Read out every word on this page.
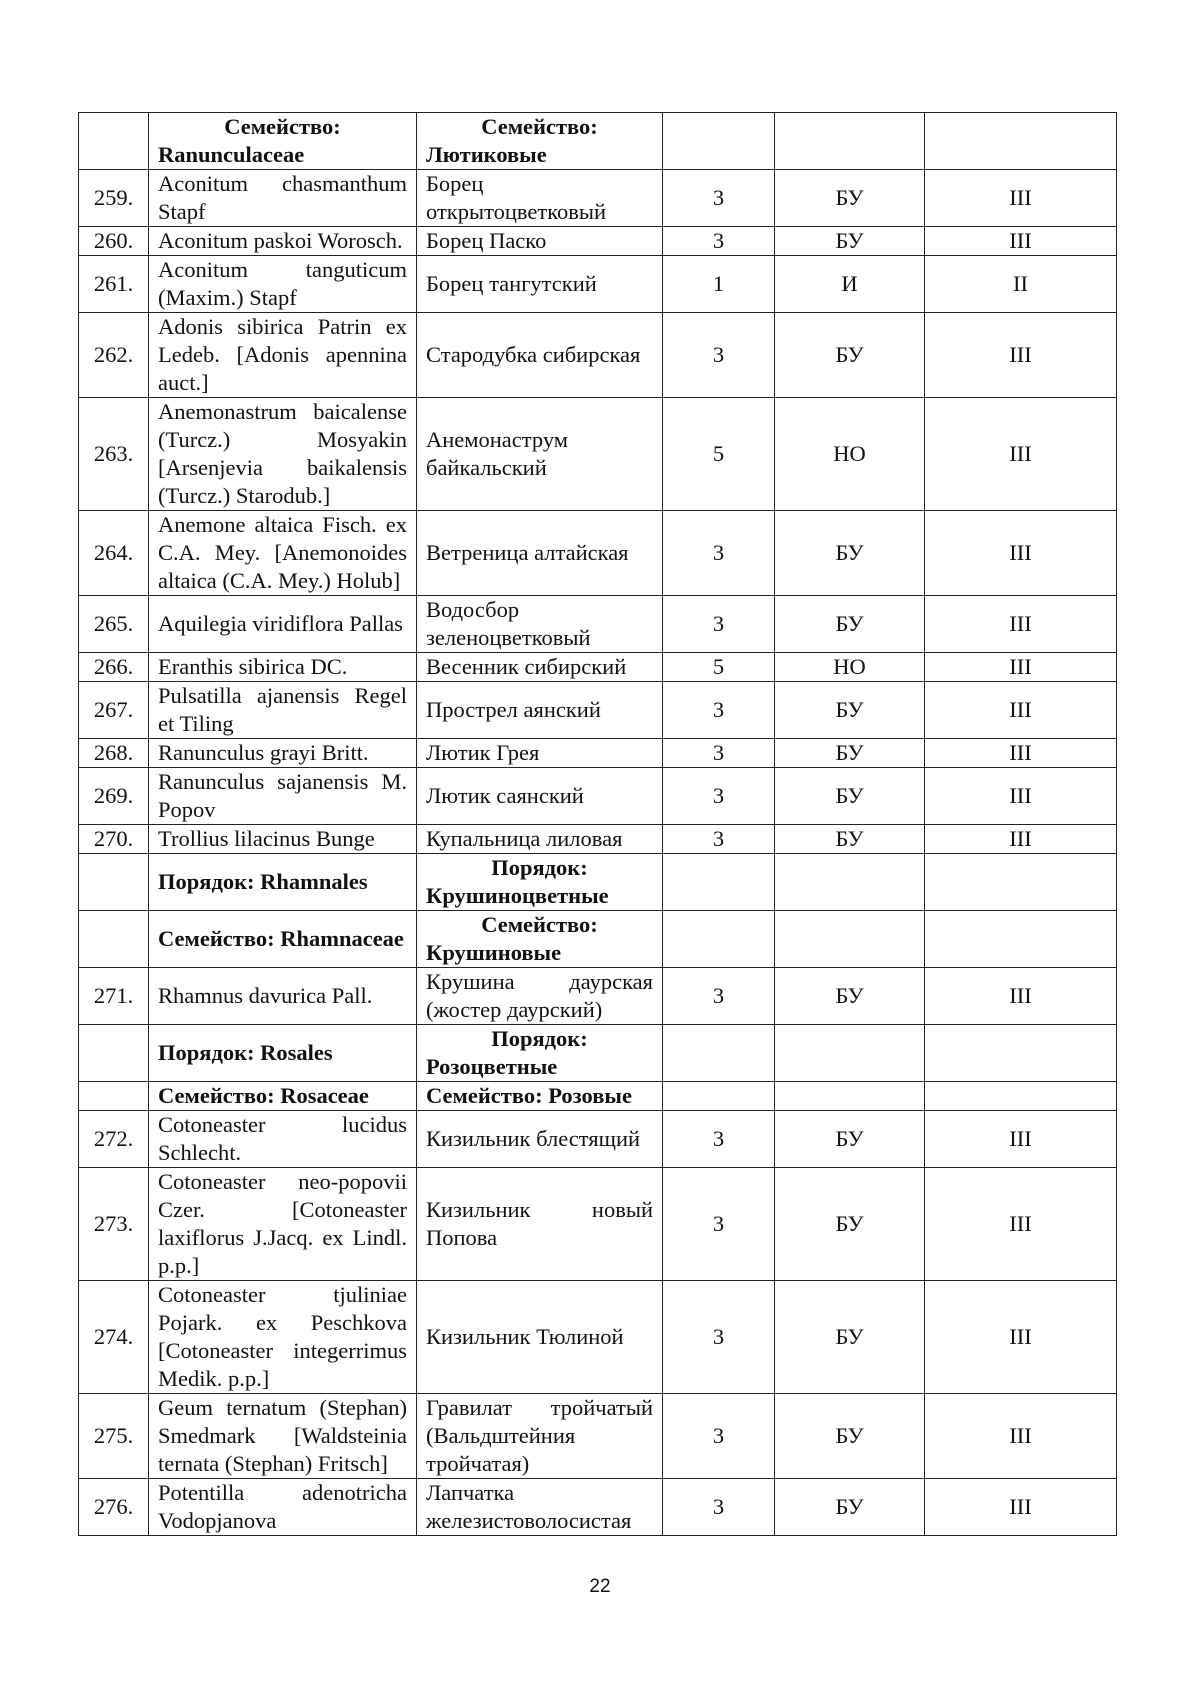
	Семейство: Ranunculaceae	Семейство: Лютиковые			
259.	Aconitum chasmanthum Stapf	Борец открытоцветковый	3	БУ	III
260.	Aconitum paskoi Worosch.	Борец Паско	3	БУ	III
261.	Aconitum tanguticum (Maxim.) Stapf	Борец тангутский	1	И	II
262.	Adonis sibirica Patrin ex Ledeb. [Adonis apennina auct.]	Стародубка сибирская	3	БУ	III
263.	Anemonastrum baicalense (Turcz.) Mosyakin [Arsenjevia baikalensis (Turcz.) Starodub.]	Анемонаструм байкальский	5	НО	III
264.	Anemone altaica Fisch. ex C.A. Mey. [Anemonoides altaica (C.A. Mey.) Holub]	Ветреница алтайская	3	БУ	III
265.	Aquilegia viridiflora Pallas	Водосбор зеленоцветковый	3	БУ	III
266.	Eranthis sibirica DC.	Весенник сибирский	5	НО	III
267.	Pulsatilla ajanensis Regel et Tiling	Прострел аянский	3	БУ	III
268.	Ranunculus grayi Britt.	Лютик Грея	3	БУ	III
269.	Ranunculus sajanensis M. Popov	Лютик саянский	3	БУ	III
270.	Trollius lilacinus Bunge	Купальница лиловая	3	БУ	III
	Порядок: Rhamnales	Порядок: Крушиноцветные			
	Семейство: Rhamnaceae	Семейство: Крушиновые			
271.	Rhamnus davurica Pall.	Крушина даурская (жостер даурский)	3	БУ	III
	Порядок: Rosales	Порядок: Розоцветные			
	Семейство: Rosaceae	Семейство: Розовые			
272.	Cotoneaster lucidus Schlecht.	Кизильник блестящий	3	БУ	III
273.	Cotoneaster neo-popovii Czer. [Cotoneaster laxiflorus J.Jacq. ex Lindl. p.p.]	Кизильник новый Попова	3	БУ	III
274.	Cotoneaster tjuliniae Pojark. ex Peschkova [Cotoneaster integerrimus Medik. p.p.]	Кизильник Тюлиной	3	БУ	III
275.	Geum ternatum (Stephan) Smedmark [Waldsteinia ternata (Stephan) Fritsch]	Гравилат тройчатый (Вальдштейния тройчатая)	3	БУ	III
276.	Potentilla adenotricha Vodopjanova	Лапчатка железистоволосистая	3	БУ	III
22
